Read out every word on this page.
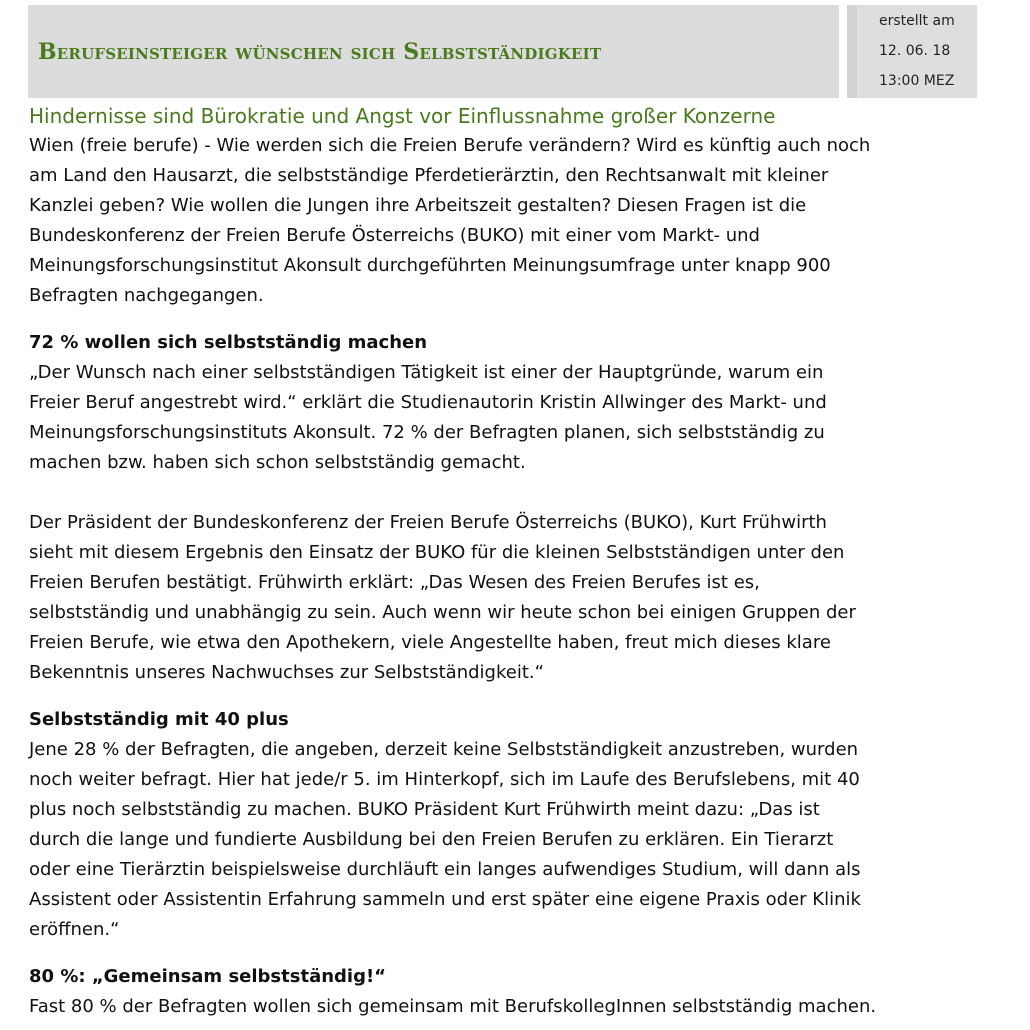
Berufseinsteiger wünschen sich Selbstständigkeit
erstellt am
12. 06. 18
13:00 MEZ
Hindernisse sind Bürokratie und Angst vor Einflussnahme großer Konzerne

Wien (freie berufe) - Wie werden sich die Freien Berufe verändern? Wird es künftig auch noch
am Land den Hausarzt, die selbstständige Pferdetierärztin, den Rechtsanwalt mit kleiner
Kanzlei geben? Wie wollen die Jungen ihre Arbeitszeit gestalten? Diesen Fragen ist die
Bundeskonferenz der Freien Berufe Österreichs (BUKO) mit einer vom Markt- und
Meinungsforschungsinstitut Akonsult durchgeführten Meinungsumfrage unter knapp 900
Befragten nachgegangen.

72 % wollen sich selbstständig machen

„Der Wunsch nach einer selbstständigen Tätigkeit ist einer der Hauptgründe, warum ein
Freier Beruf angestrebt wird.“ erklärt die Studienautorin Kristin Allwinger des Markt- und
Meinungsforschungsinstituts Akonsult. 72 % der Befragten planen, sich selbstständig zu
machen bzw. haben sich schon selbstständig gemacht.

Der Präsident der Bundeskonferenz der Freien Berufe Österreichs (BUKO), Kurt Frühwirth
sieht mit diesem Ergebnis den Einsatz der BUKO für die kleinen Selbstständigen unter den
Freien Berufen bestätigt. Frühwirth erklärt: „Das Wesen des Freien Berufes ist es,
selbstständig und unabhängig zu sein. Auch wenn wir heute schon bei einigen Gruppen der
Freien Berufe, wie etwa den Apothekern, viele Angestellte haben, freut mich dieses klare
Bekenntnis unseres Nachwuchses zur Selbstständigkeit.“

Selbstständig mit 40 plus

Jene 28 % der Befragten, die angeben, derzeit keine Selbstständigkeit anzustreben, wurden
noch weiter befragt. Hier hat jede/r 5. im Hinterkopf, sich im Laufe des Berufslebens, mit 40
plus noch selbstständig zu machen. BUKO Präsident Kurt Frühwirth meint dazu: „Das ist
durch die lange und fundierte Ausbildung bei den Freien Berufen zu erklären. Ein Tierarzt
oder eine Tierärztin beispielsweise durchläuft ein langes aufwendiges Studium, will dann als
Assistent oder Assistentin Erfahrung sammeln und erst später eine eigene Praxis oder Klinik
eröffnen.“

80 %: „Gemeinsam selbstständig!“

Fast 80 % der Befragten wollen sich gemeinsam mit BerufskollegInnen selbstständig machen.
